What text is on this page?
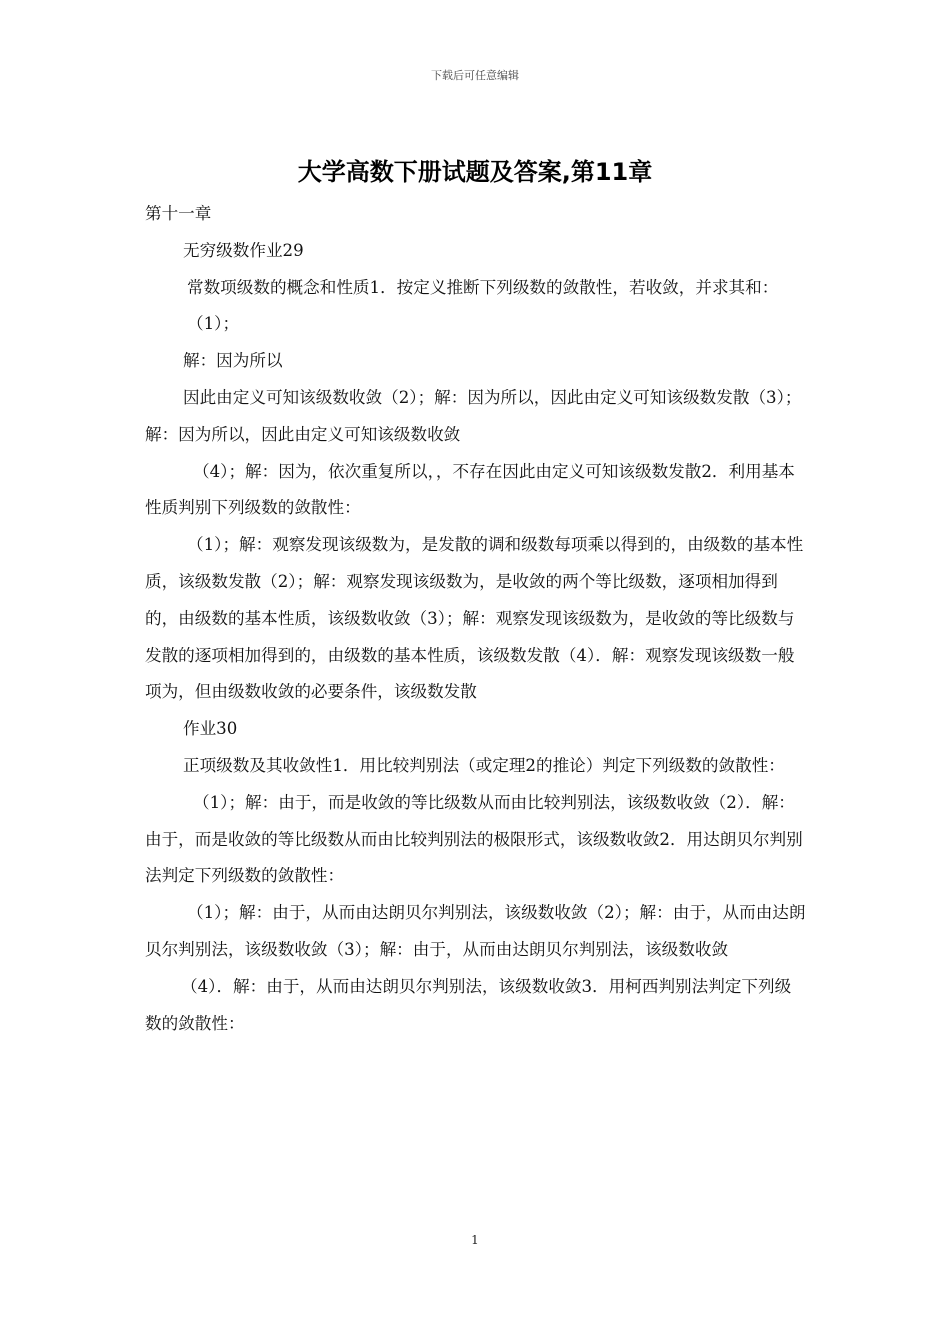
下载后可任意编辑
大学高数下册试题及答案,第11章

第十一章

无穷级数作业29

常数项级数的概念和性质1．按定义推断下列级数的敛散性，若收敛，并求其和：

（1）；

解：因为所以

因此由定义可知该级数收敛（2）；解：因为所以，因此由定义可知该级数发散（3）；解：因为所以，因此由定义可知该级数收敛

（4）；解：因为，依次重复所以，，不存在因此由定义可知该级数发散2．利用基本性质判别下列级数的敛散性：

（1）；解：观察发现该级数为，是发散的调和级数每项乘以得到的，由级数的基本性质，该级数发散（2）；解：观察发现该级数为，是收敛的两个等比级数，逐项相加得到的，由级数的基本性质，该级数收敛（3）；解：观察发现该级数为，是收敛的等比级数与发散的逐项相加得到的，由级数的基本性质，该级数发散（4）．解：观察发现该级数一般项为，但由级数收敛的必要条件，该级数发散

作业30

正项级数及其收敛性1．用比较判别法（或定理2的推论）判定下列级数的敛散性：

（1）；解：由于，而是收敛的等比级数从而由比较判别法，该级数收敛（2）．解：由于，而是收敛的等比级数从而由比较判别法的极限形式，该级数收敛2．用达朗贝尔判别法判定下列级数的敛散性：

（1）；解：由于，从而由达朗贝尔判别法，该级数收敛（2）；解：由于，从而由达朗贝尔判别法，该级数收敛（3）；解：由于，从而由达朗贝尔判别法，该级数收敛

（4）．解：由于，从而由达朗贝尔判别法，该级数收敛3．用柯西判别法判定下列级数的敛散性：

1
